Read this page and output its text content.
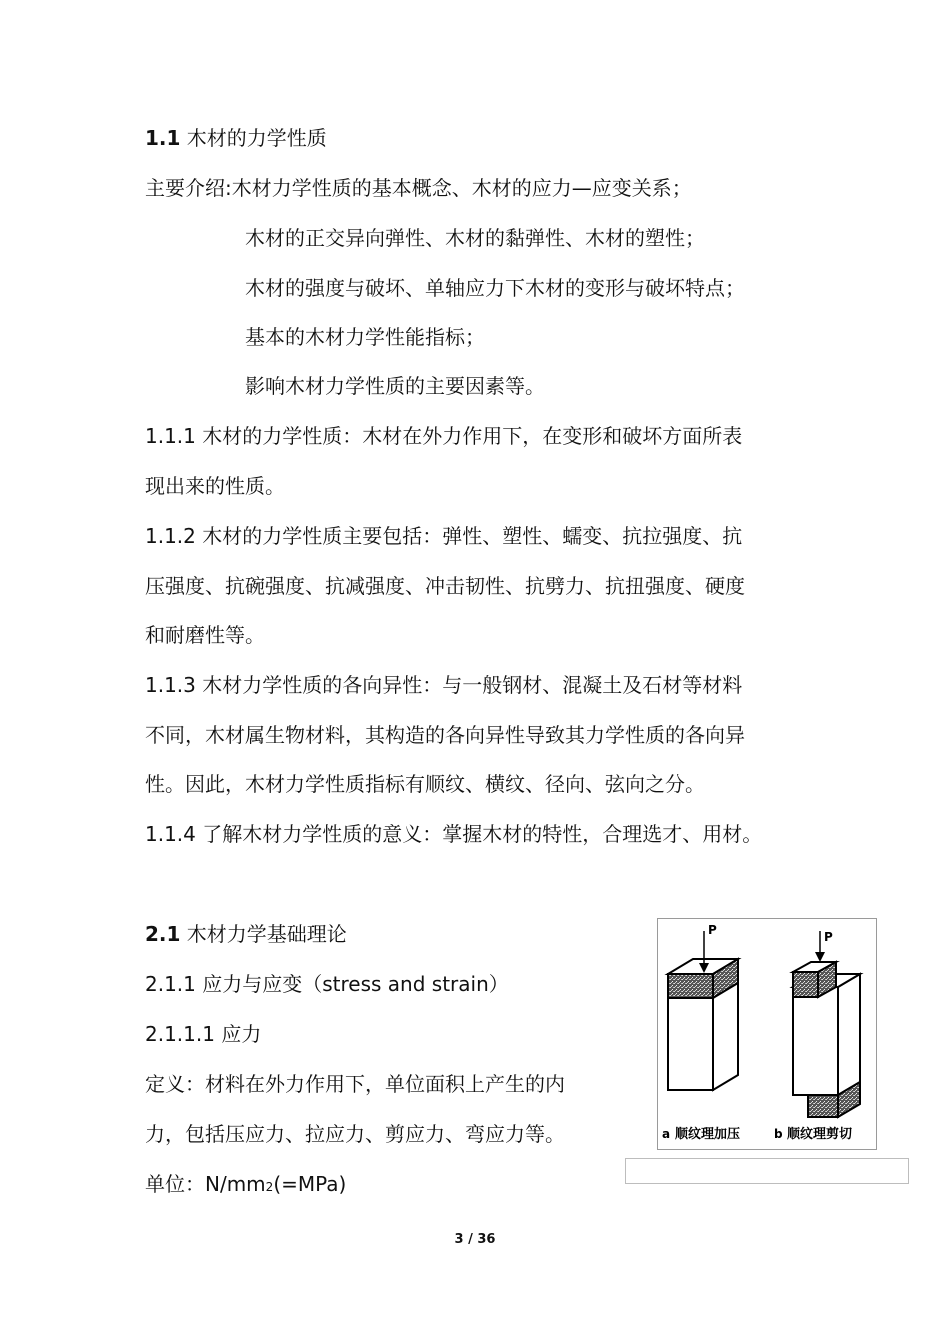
1.1 木材的力学性质
主要介绍:木材力学性质的基本概念、木材的应力—应变关系；
木材的正交异向弹性、木材的黏弹性、木材的塑性；
木材的强度与破坏、单轴应力下木材的变形与破坏特点；
基本的木材力学性能指标；
影响木材力学性质的主要因素等。
1.1.1 木材的力学性质：木材在外力作用下，在变形和破坏方面所表
现出来的性质。
1.1.2 木材的力学性质主要包括：弹性、塑性、蠕变、抗拉强度、抗
压强度、抗碗强度、抗减强度、冲击韧性、抗劈力、抗扭强度、硬度
和耐磨性等。
1.1.3 木材力学性质的各向异性：与一般钢材、混凝土及石材等材料
不同，木材属生物材料，其构造的各向异性导致其力学性质的各向异
性。因此，木材力学性质指标有顺纹、横纹、径向、弦向之分。
1.1.4 了解木材力学性质的意义：掌握木材的特性，合理选才、用材。
2.1 木材力学基础理论
2.1.1 应力与应变（stress and strain）
2.1.1.1 应力
定义：材料在外力作用下，单位面积上产生的内
力，包括压应力、拉应力、剪应力、弯应力等。
单位：N/mm2(=MPa)
P	P
a 顺纹理加压	b 顺纹理剪切
3 / 36
